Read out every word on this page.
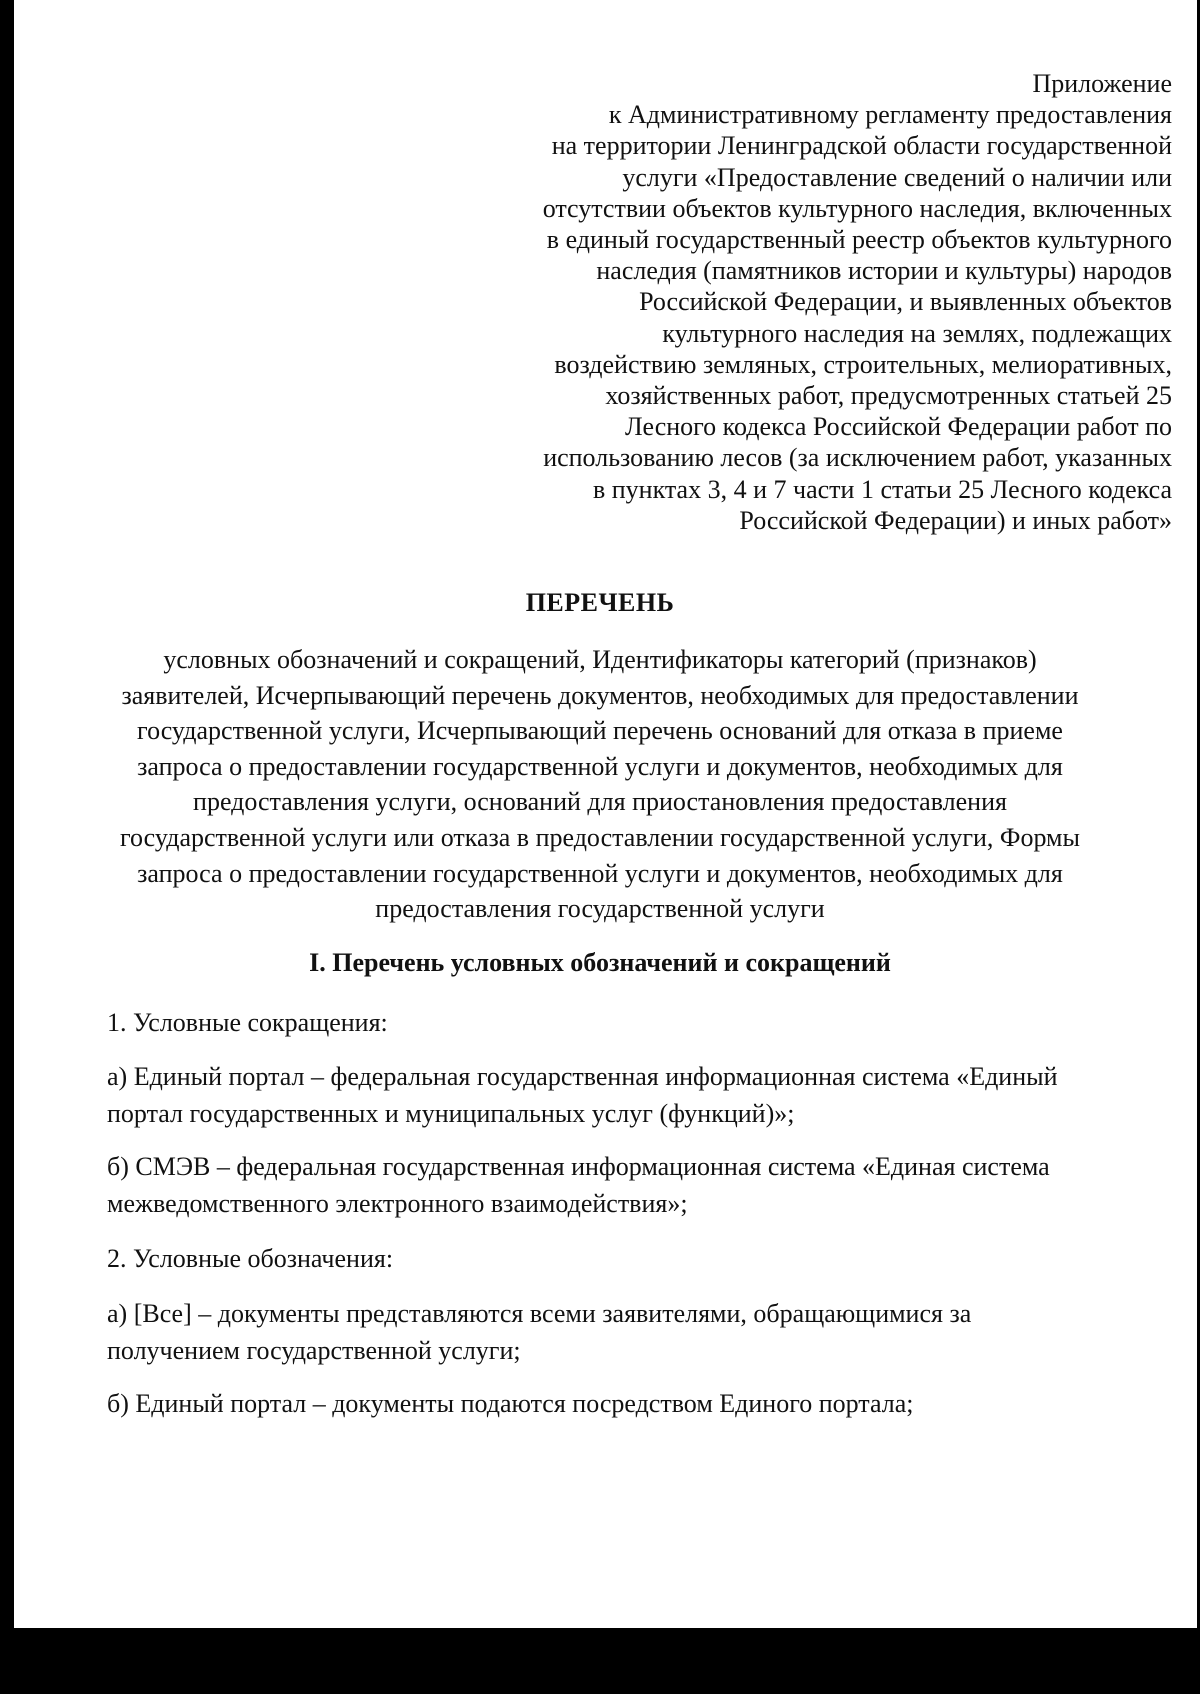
Приложение
к Административному регламенту предоставления
на территории Ленинградской области государственной
услуги «Предоставление сведений о наличии или
отсутствии объектов культурного наследия, включенных
в единый государственный реестр объектов культурного
наследия (памятников истории и культуры) народов
Российской Федерации, и выявленных объектов
культурного наследия на землях, подлежащих
воздействию земляных, строительных, мелиоративных,
хозяйственных работ, предусмотренных статьей 25
Лесного кодекса Российской Федерации работ по
использованию лесов (за исключением работ, указанных
в пунктах 3, 4 и 7 части 1 статьи 25 Лесного кодекса
Российской Федерации) и иных работ»
ПЕРЕЧЕНЬ
условных обозначений и сокращений, Идентификаторы категорий (признаков)
заявителей, Исчерпывающий перечень документов, необходимых для предоставлении
государственной услуги, Исчерпывающий перечень оснований для отказа в приеме
запроса о предоставлении государственной услуги и документов, необходимых для
предоставления услуги, оснований для приостановления предоставления
государственной услуги или отказа в предоставлении государственной услуги, Формы
запроса о предоставлении государственной услуги и документов, необходимых для
предоставления государственной услуги
I. Перечень условных обозначений и сокращений
1. Условные сокращения:
а) Единый портал – федеральная государственная информационная система «Единый
портал государственных и муниципальных услуг (функций)»;
б) СМЭВ – федеральная государственная информационная система «Единая система
межведомственного электронного взаимодействия»;
2. Условные обозначения:
а) [Все] – документы представляются всеми заявителями, обращающимися за
получением государственной услуги;
б) Единый портал – документы подаются посредством Единого портала;
